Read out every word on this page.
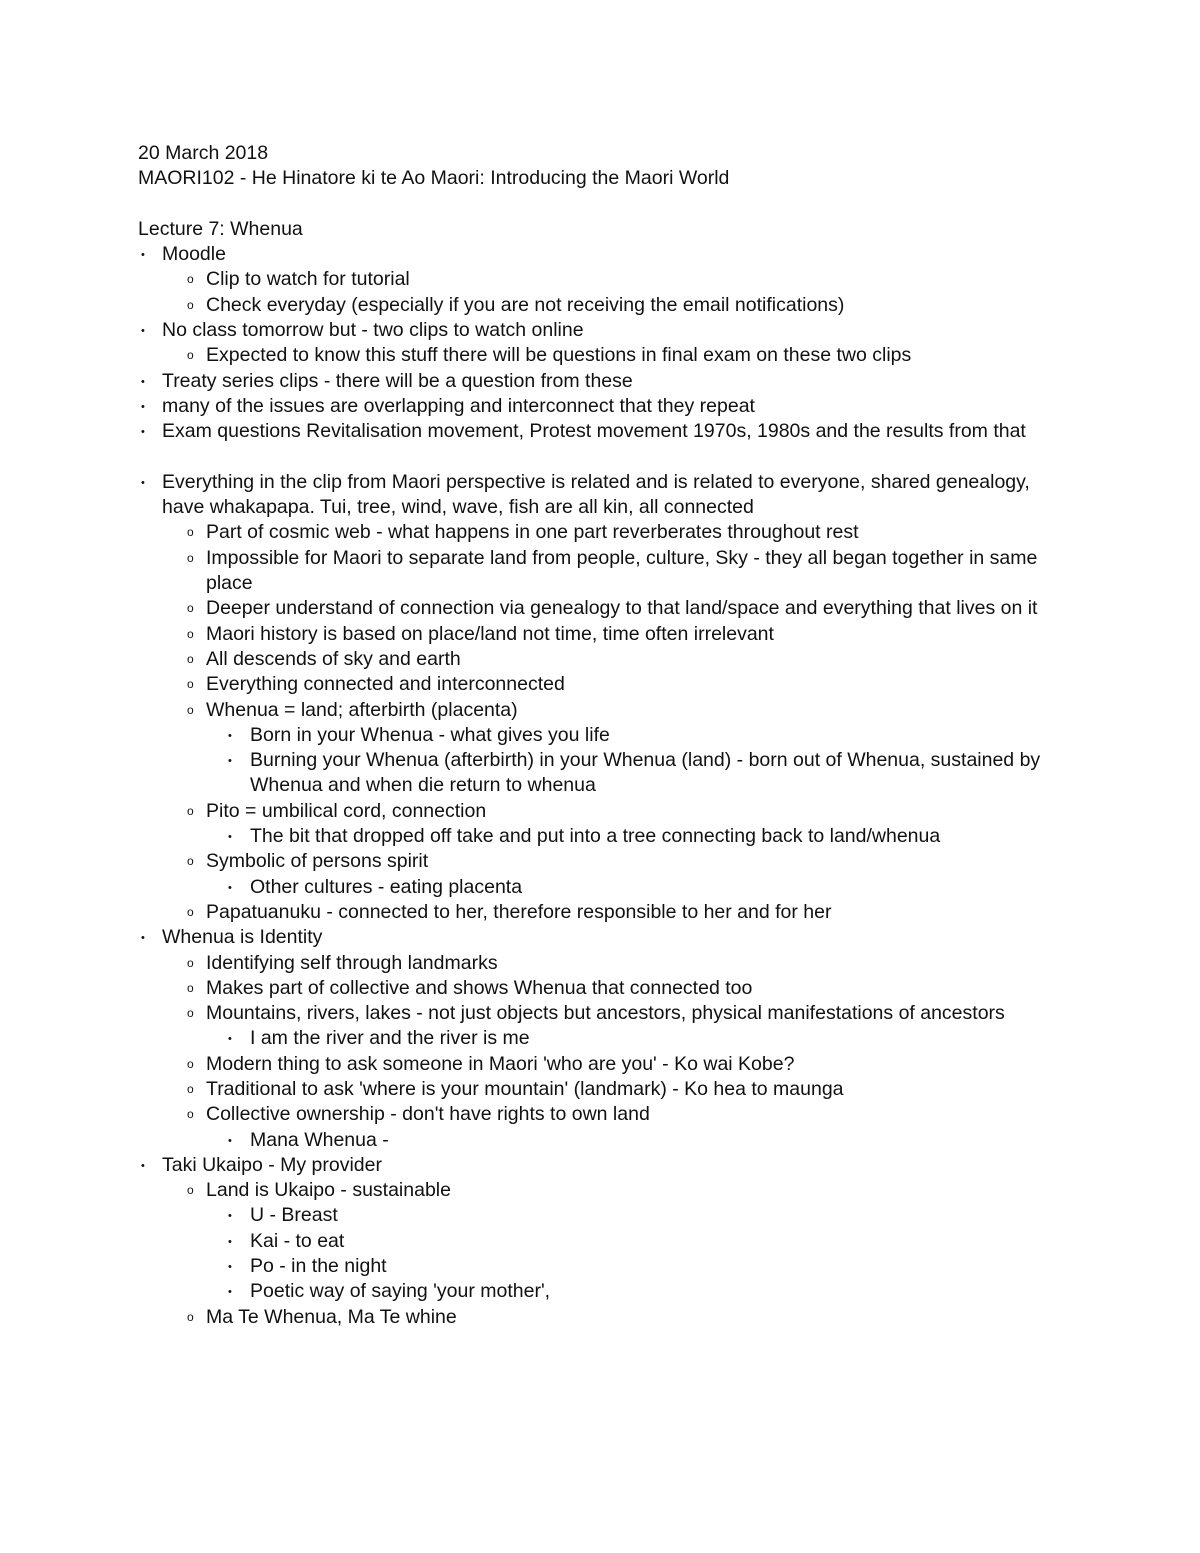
20 March 2018

MAORI102 - He Hinatore ki te Ao Maori: Introducing the Maori World

Lecture 7: Whenua

• Moodle
o Clip to watch for tutorial
o Check everyday (especially if you are not receiving the email notifications)
• No class tomorrow but - two clips to watch online
o Expected to know this stuff there will be questions in final exam on these two clips
• Treaty series clips - there will be a question from these
• many of the issues are overlapping and interconnect that they repeat
• Exam questions Revitalisation movement, Protest movement 1970s, 1980s and the results from that
• Everything in the clip from Maori perspective is related and is related to everyone, shared genealogy, have whakapapa. Tui, tree, wind, wave, fish are all kin, all connected
o Part of cosmic web - what happens in one part reverberates throughout rest
o Impossible for Maori to separate land from people, culture, Sky - they all began together in same place
o Deeper understand of connection via genealogy to that land/space and everything that lives on it
o Maori history is based on place/land not time, time often irrelevant
o All descends of sky and earth
o Everything connected and interconnected
o Whenua = land; afterbirth (placenta)
• Born in your Whenua - what gives you life
• Burning your Whenua (afterbirth) in your Whenua (land) - born out of Whenua, sustained by Whenua and when die return to whenua
o Pito = umbilical cord, connection
• The bit that dropped off take and put into a tree connecting back to land/whenua
o Symbolic of persons spirit
• Other cultures - eating placenta
o Papatuanuku - connected to her, therefore responsible to her and for her
• Whenua is Identity
o Identifying self through landmarks
o Makes part of collective and shows Whenua that connected too
o Mountains, rivers, lakes - not just objects but ancestors, physical manifestations of ancestors
• I am the river and the river is me
o Modern thing to ask someone in Maori 'who are you' - Ko wai Kobe?
o Traditional to ask 'where is your mountain' (landmark) - Ko hea to maunga
o Collective ownership - don't have rights to own land
• Mana Whenua -
• Taki Ukaipo - My provider
o Land is Ukaipo - sustainable
• U - Breast
• Kai - to eat
• Po - in the night
• Poetic way of saying 'your mother',
o Ma Te Whenua, Ma Te whine
